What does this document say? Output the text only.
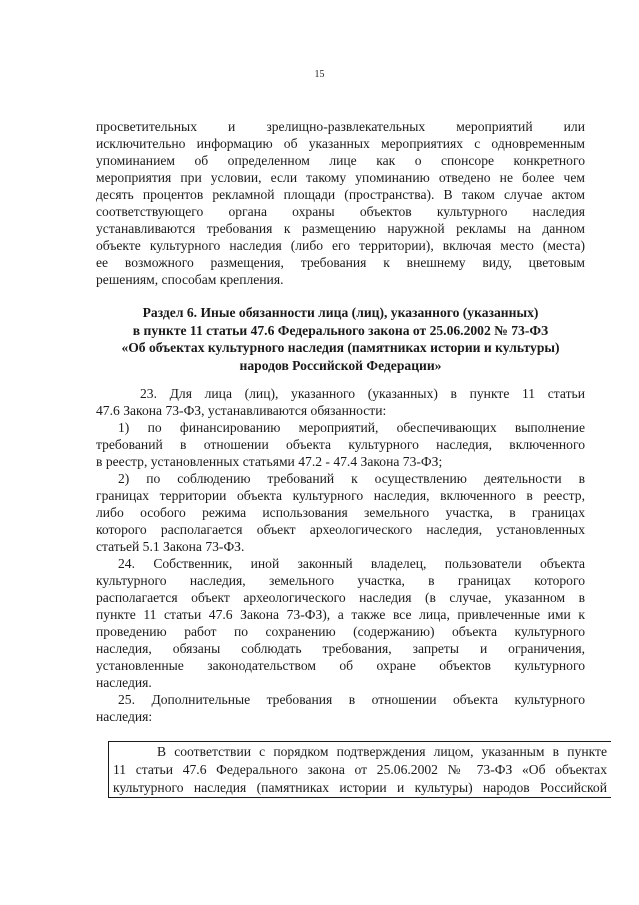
15
просветительных и зрелищно-развлекательных мероприятий или
исключительно информацию об указанных мероприятиях с одновременным
упоминанием об определенном лице как о спонсоре конкретного
мероприятия при условии, если такому упоминанию отведено не более чем
десять процентов рекламной площади (пространства). В таком случае актом
соответствующего органа охраны объектов культурного наследия
устанавливаются требования к размещению наружной рекламы на данном
объекте культурного наследия (либо его территории), включая место (места)
ее возможного размещения, требования к внешнему виду, цветовым
решениям, способам крепления.
Раздел 6. Иные обязанности лица (лиц), указанного (указанных)
в пункте 11 статьи 47.6 Федерального закона от 25.06.2002 № 73-ФЗ
«Об объектах культурного наследия (памятниках истории и культуры)
народов Российской Федерации»
23. Для лица (лиц), указанного (указанных) в пункте 11 статьи
47.6 Закона 73-ФЗ, устанавливаются обязанности:
1) по финансированию мероприятий, обеспечивающих выполнение
требований в отношении объекта культурного наследия, включенного
в реестр, установленных статьями 47.2 - 47.4 Закона 73-ФЗ;
2) по соблюдению требований к осуществлению деятельности в
границах территории объекта культурного наследия, включенного в реестр,
либо особого режима использования земельного участка, в границах
которого располагается объект археологического наследия, установленных
статьей 5.1 Закона 73-ФЗ.
24. Собственник, иной законный владелец, пользователи объекта
культурного наследия, земельного участка, в границах которого
располагается объект археологического наследия (в случае, указанном в
пункте 11 статьи 47.6 Закона 73-ФЗ), а также все лица, привлеченные ими к
проведению работ по сохранению (содержанию) объекта культурного
наследия, обязаны соблюдать требования, запреты и ограничения,
установленные законодательством об охране объектов культурного
наследия.
25. Дополнительные требования в отношении объекта культурного
наследия:
В соответствии с порядком подтверждения лицом, указанным в пункте
11 статьи 47.6 Федерального закона от 25.06.2002 № 73-ФЗ «Об объектах
культурного наследия (памятниках истории и культуры) народов Российской
